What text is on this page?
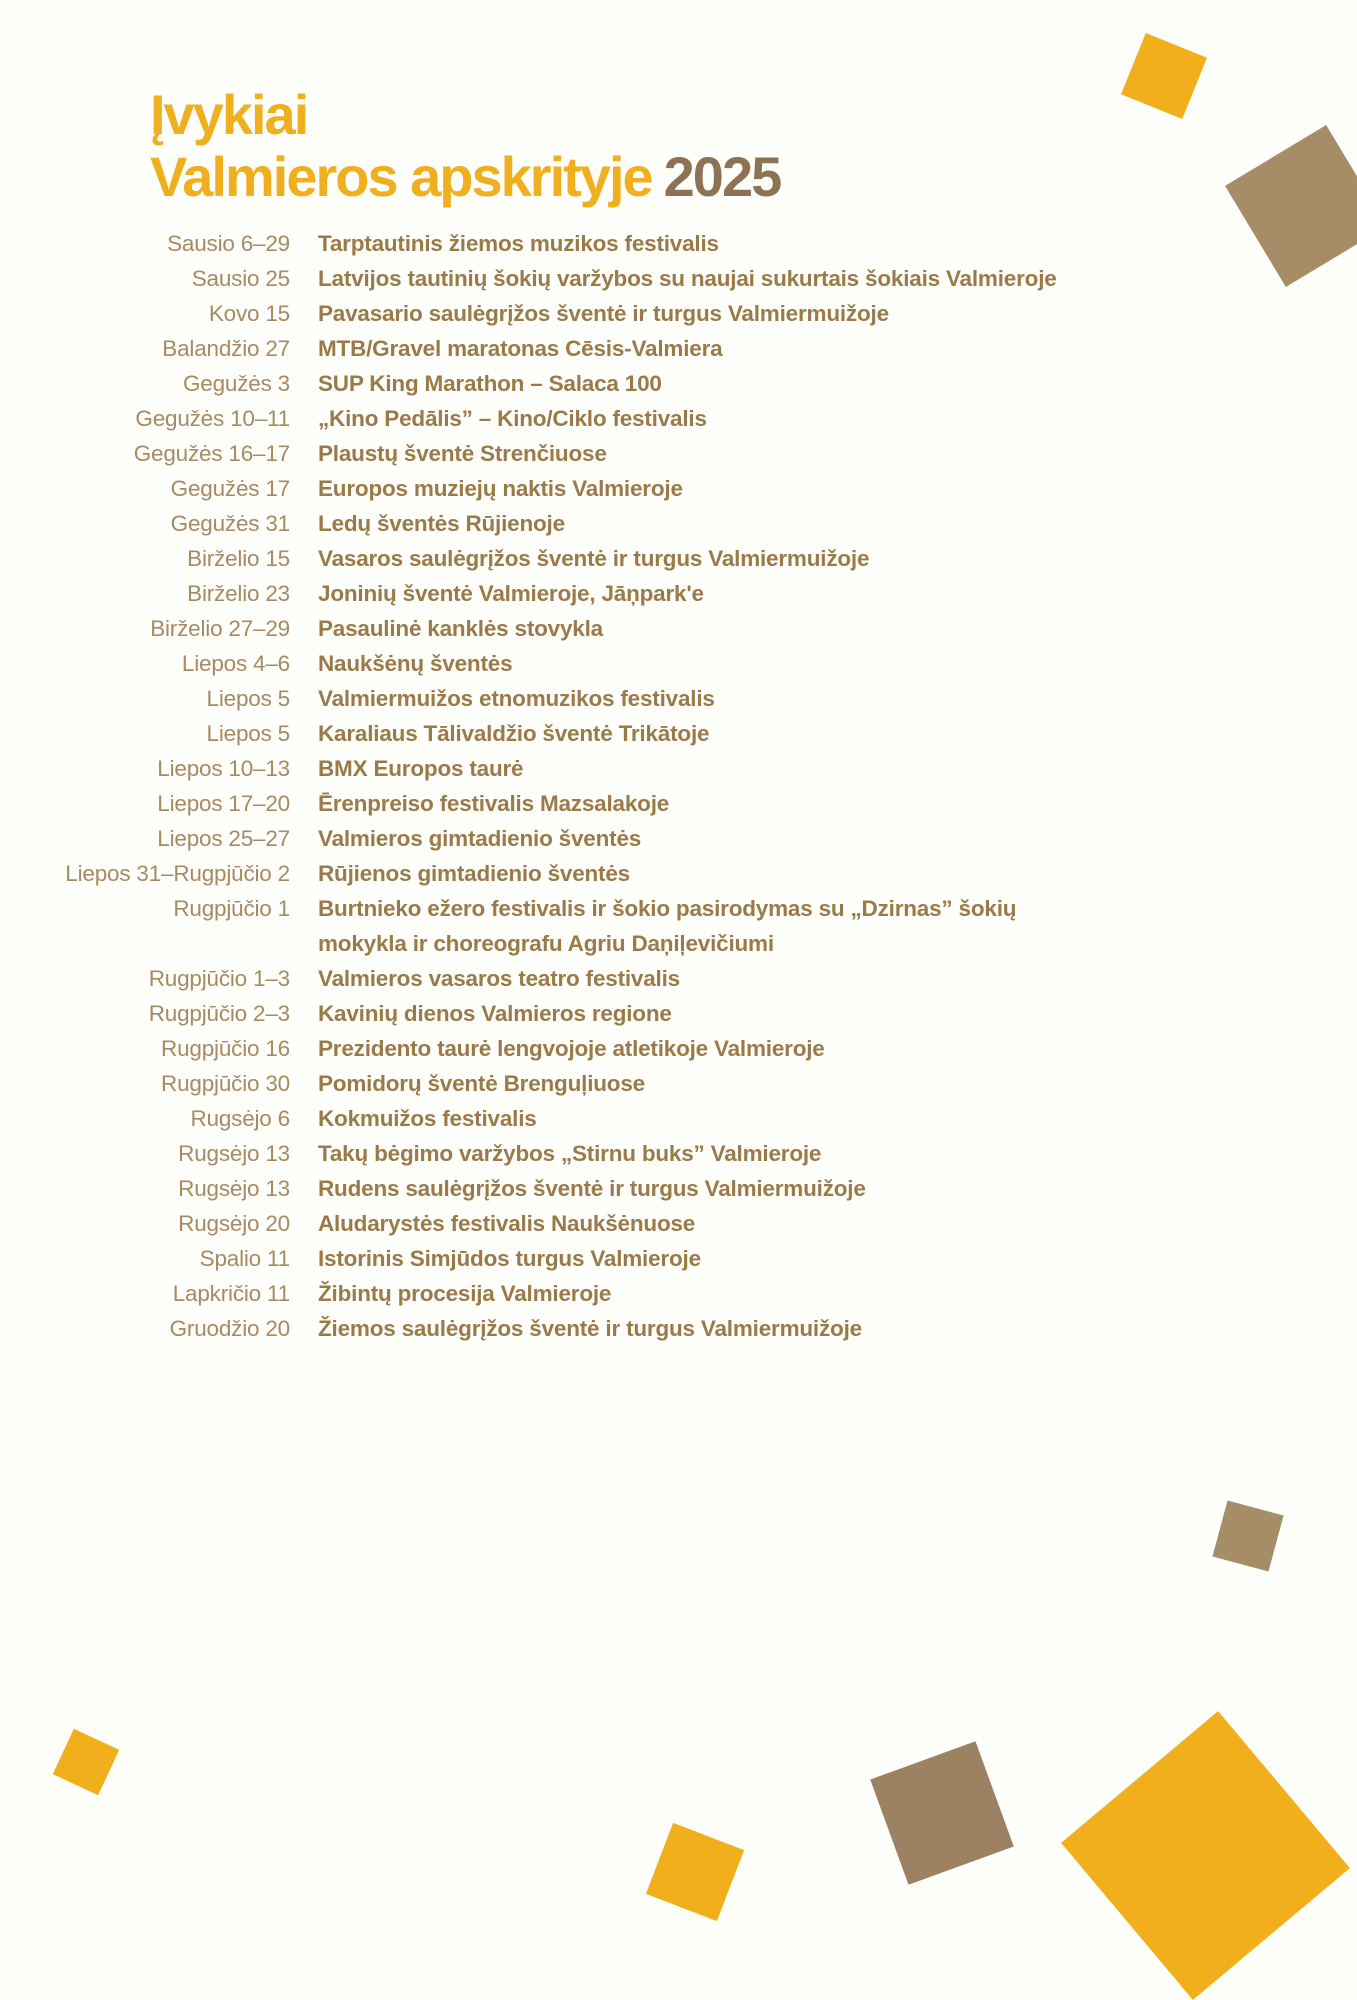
Įvykiai
Valmieros apskrityje 2025
Sausio 6–29 Tarptautinis žiemos muzikos festivalis
Sausio 25 Latvijos tautinių šokių varžybos su naujai sukurtais šokiais Valmieroje
Kovo 15 Pavasario saulėgrįžos šventė ir turgus Valmiermuižoje
Balandžio 27 MTB/Gravel maratonas Cēsis-Valmiera
Gegužės 3 SUP King Marathon – Salaca 100
Gegužės 10–11 „Kino Pedālis” – Kino/Ciklo festivalis
Gegužės 16–17 Plaustų šventė Strenčiuose
Gegužės 17 Europos muziejų naktis Valmieroje
Gegužės 31 Ledų šventės Rūjienoje
Birželio 15 Vasaros saulėgrįžos šventė ir turgus Valmiermuižoje
Birželio 23 Joninių šventė Valmieroje, Jāņpark'e
Birželio 27–29 Pasaulinė kanklės stovykla
Liepos 4–6 Naukšėnų šventės
Liepos 5 Valmiermuižos etnomuzikos festivalis
Liepos 5 Karaliaus Tālivaldžio šventė Trikātoje
Liepos 10–13 BMX Europos taurė
Liepos 17–20 Ērenpreiso festivalis Mazsalakoje
Liepos 25–27 Valmieros gimtadienio šventės
Liepos 31–Rugpjūčio 2 Rūjienos gimtadienio šventės
Rugpjūčio 1 Burtnieko ežero festivalis ir šokio pasirodymas su „Dzirnas” šokių mokykla ir choreografu Agriu Daņiļevičiumi
Rugpjūčio 1–3 Valmieros vasaros teatro festivalis
Rugpjūčio 2–3 Kavinių dienos Valmieros regione
Rugpjūčio 16 Prezidento taurė lengvojoje atletikoje Valmieroje
Rugpjūčio 30 Pomidorų šventė Brenguļiuose
Rugsėjo 6 Kokmuižos festivalis
Rugsėjo 13 Takų bėgimo varžybos „Stirnu buks” Valmieroje
Rugsėjo 13 Rudens saulėgrįžos šventė ir turgus Valmiermuižoje
Rugsėjo 20 Aludarystės festivalis Naukšėnuose
Spalio 11 Istorinis Simjūdos turgus Valmieroje
Lapkričio 11 Žibintų procesija Valmieroje
Gruodžio 20 Žiemos saulėgrįžos šventė ir turgus Valmiermuižoje
